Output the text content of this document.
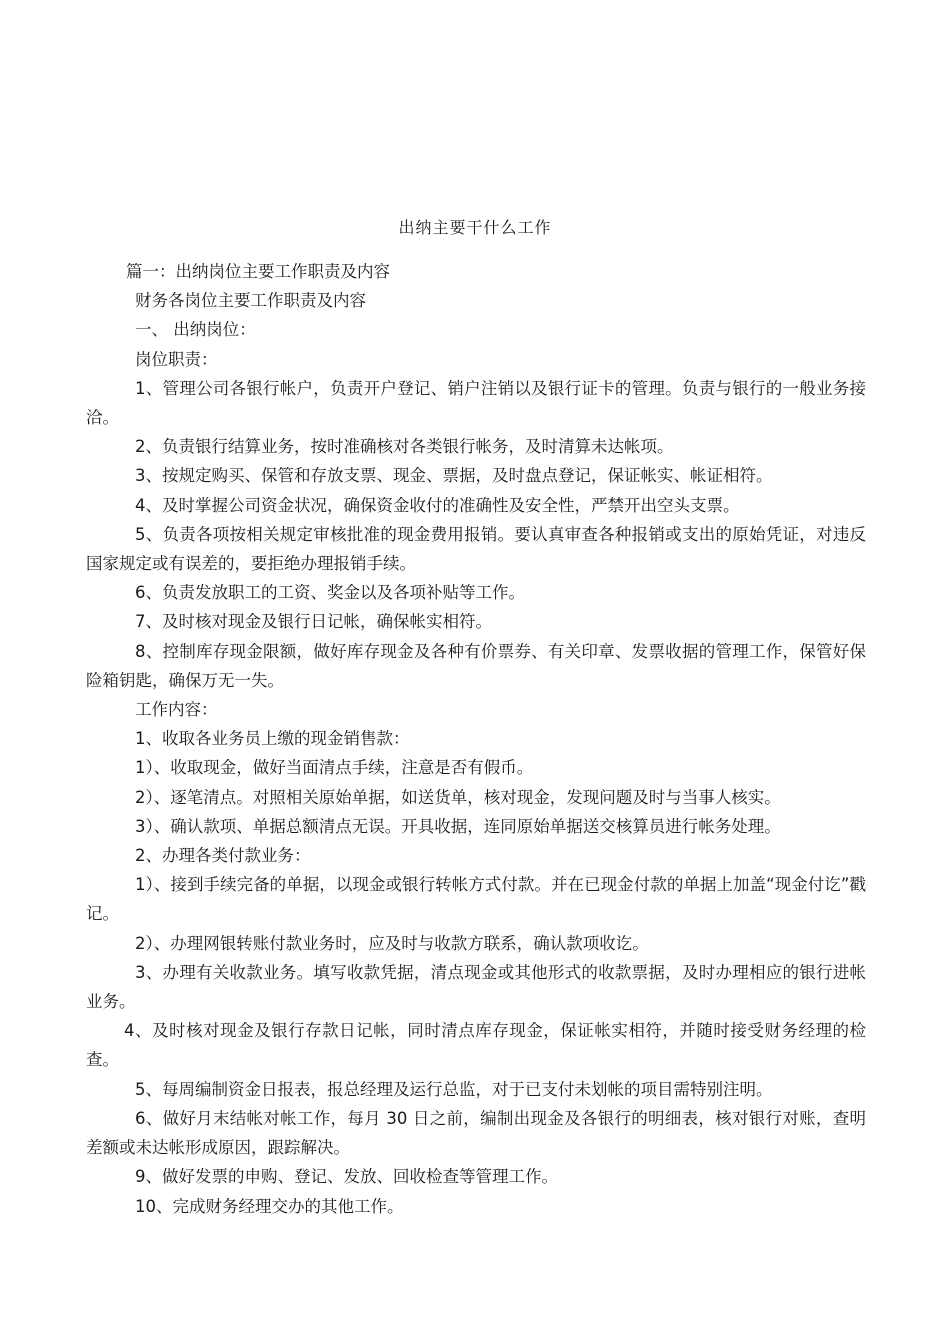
出纳主要干什么工作

篇一：出纳岗位主要工作职责及内容

财务各岗位主要工作职责及内容

一、 出纳岗位：

岗位职责：

1、管理公司各银行帐户，负责开户登记、销户注销以及银行证卡的管理。负责与银行的一般业务接洽。

2、负责银行结算业务，按时准确核对各类银行帐务，及时清算未达帐项。

3、按规定购买、保管和存放支票、现金、票据，及时盘点登记，保证帐实、帐证相符。

4、及时掌握公司资金状况，确保资金收付的准确性及安全性，严禁开出空头支票。

5、负责各项按相关规定审核批准的现金费用报销。要认真审查各种报销或支出的原始凭证，对违反国家规定或有误差的，要拒绝办理报销手续。

6、负责发放职工的工资、奖金以及各项补贴等工作。

7、及时核对现金及银行日记帐，确保帐实相符。

8、控制库存现金限额，做好库存现金及各种有价票券、有关印章、发票收据的管理工作，保管好保险箱钥匙，确保万无一失。

工作内容：

1、收取各业务员上缴的现金销售款：

1）、收取现金，做好当面清点手续，注意是否有假币。

2）、逐笔清点。对照相关原始单据，如送货单，核对现金，发现问题及时与当事人核实。

3）、确认款项、单据总额清点无误。开具收据，连同原始单据送交核算员进行帐务处理。

2、办理各类付款业务：

1）、接到手续完备的单据，以现金或银行转帐方式付款。并在已现金付款的单据上加盖“现金付讫”戳记。

2）、办理网银转账付款业务时，应及时与收款方联系，确认款项收讫。

3、办理有关收款业务。填写收款凭据，清点现金或其他形式的收款票据，及时办理相应的银行进帐业务。

4、及时核对现金及银行存款日记帐，同时清点库存现金，保证帐实相符，并随时接受财务经理的检查。

5、每周编制资金日报表，报总经理及运行总监，对于已支付未划帐的项目需特别注明。

6、做好月末结帐对帐工作，每月 30 日之前，编制出现金及各银行的明细表，核对银行对账，查明差额或未达帐形成原因，跟踪解决。

9、做好发票的申购、登记、发放、回收检查等管理工作。

10、完成财务经理交办的其他工作。
